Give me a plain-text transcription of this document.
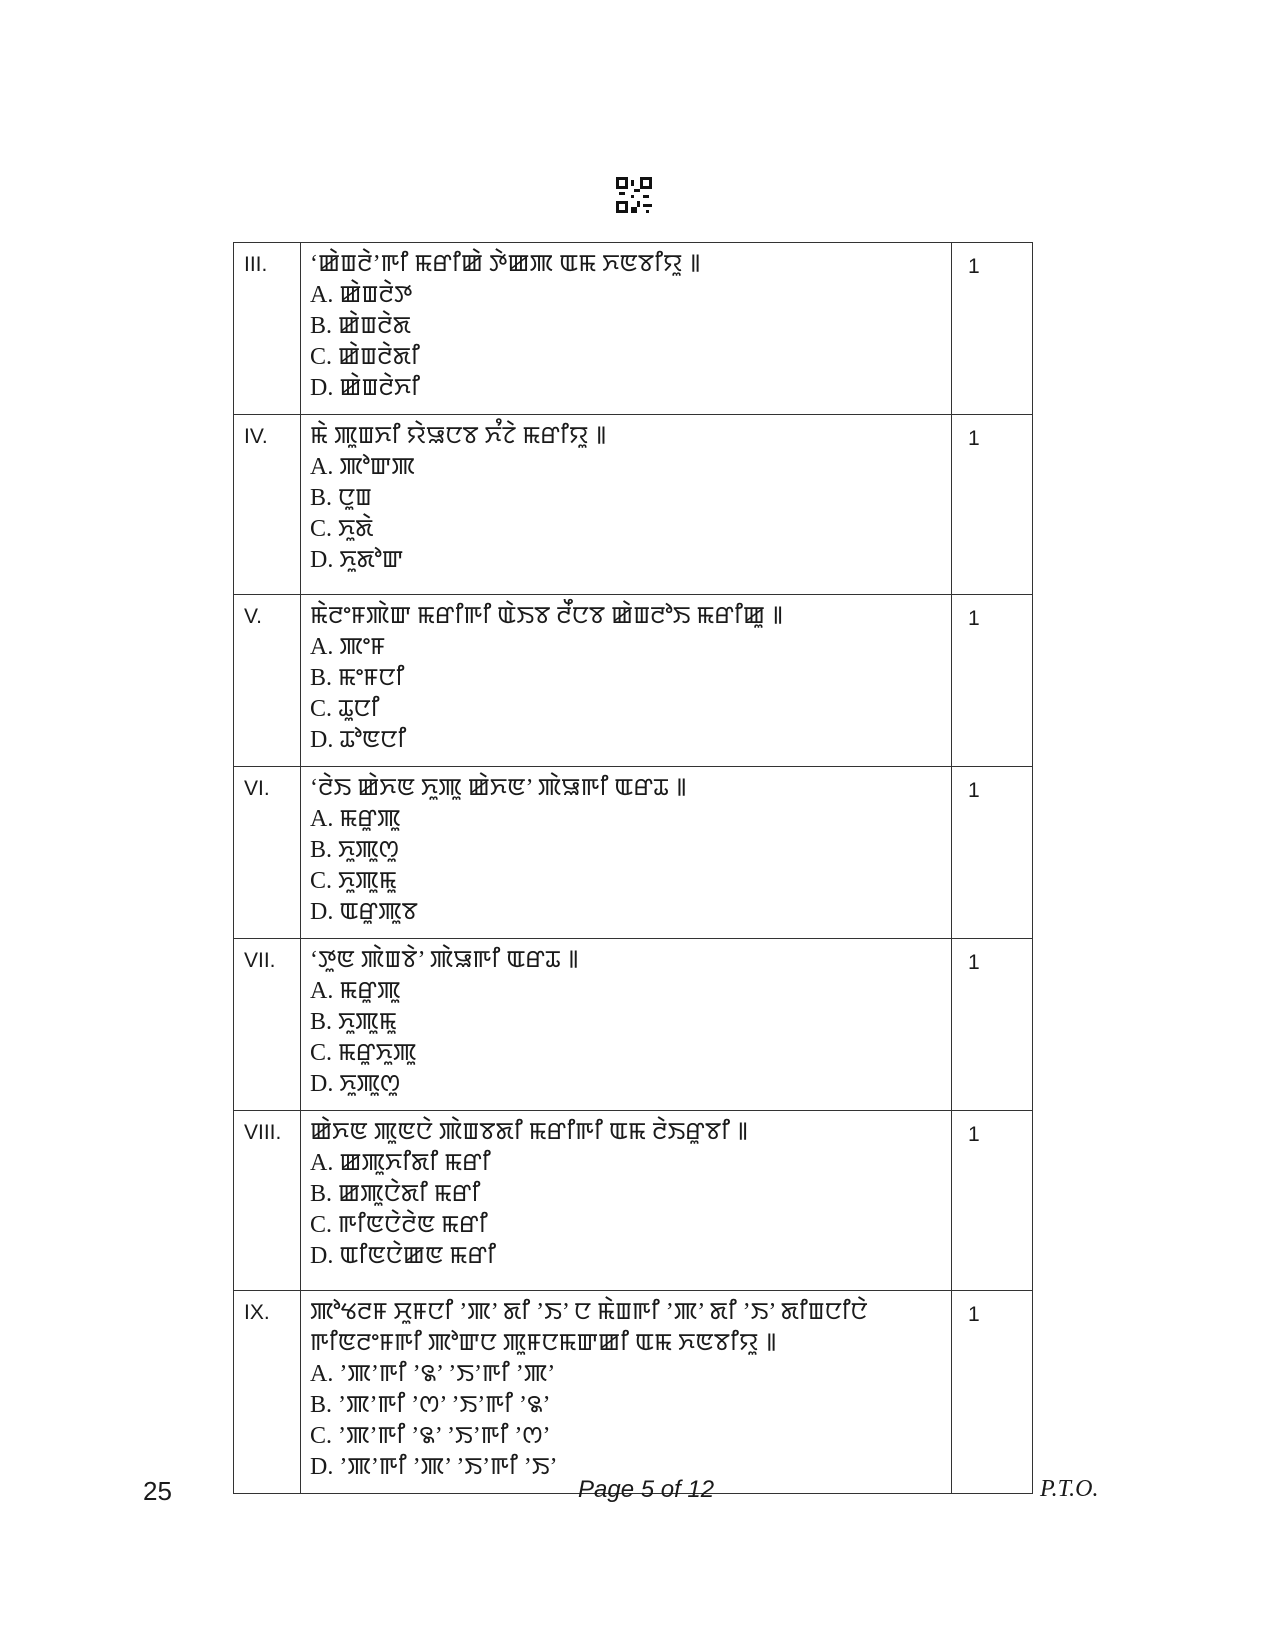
III.	‘ꯀꯥꯡꯂꯥ’ꯒꯤ ꯃꯔꯤꯀꯥ ꯇꯥꯀꯄ ꯑꯃ ꯈꯟꯕꯤꯌꯨ ꯫
A. ꯀꯥꯡꯂꯥꯇ
B. ꯀꯥꯡꯂꯥꯗ
C. ꯀꯥꯡꯂꯥꯗꯤ
D. ꯀꯥꯡꯂꯥꯈꯤ	1
IV.	ꯃꯥ ꯄꯨꯡꯈꯤ ꯌꯥꯎꯅꯕ ꯈꯪꯖꯥ ꯃꯔꯤꯌꯨ ꯫
A. ꯄꯣꯛꯄ
B. ꯅꯨꯡ
C. ꯈꯨꯗꯥ
D. ꯈꯨꯗꯣꯛ	1
V.	ꯃꯥꯂꯦꯝꯄꯥꯛ ꯃꯔꯤꯒꯤ ꯑꯥꯏꯕ ꯂꯩꯅꯕ ꯀꯥꯡꯂꯣꯏ ꯃꯔꯤꯀꯨ ꯫
A. ꯄꯦꯝ
B. ꯃꯦꯝꯅꯤ
C. ꯊꯨꯅꯤ
D. ꯊꯣꯟꯅꯤ	1
VI.	‘ꯂꯥꯏ ꯀꯥꯈꯟ ꯈꯨꯄꯨ ꯀꯥꯈꯟ’ ꯄꯥꯎꯒꯤ ꯑꯔꯊ ꯫
A. ꯃꯔꯨꯄꯨ
B. ꯈꯨꯄꯨꯁꯨ
C. ꯈꯨꯄꯨꯃꯨ
D. ꯑꯔꯨꯄꯨꯕ	1
VII.	‘ꯇꯨꯟ ꯄꯥꯡꯕꯥ’ ꯄꯥꯎꯒꯤ ꯑꯔꯊ ꯫
A. ꯃꯔꯨꯄꯨ
B. ꯈꯨꯄꯨꯃꯨ
C. ꯃꯔꯨꯈꯨꯄꯨ
D. ꯈꯨꯄꯨꯁꯨ	1
VIII.	ꯀꯥꯈꯟ ꯄꯨꯟꯅꯥ ꯄꯥꯡꯕꯗꯤ ꯃꯔꯤꯒꯤ ꯑꯃ ꯂꯥꯏꯔꯨꯕꯤ ꯫
A. ꯀꯄꯨꯈꯤꯗꯤ ꯃꯔꯤ
B. ꯀꯄꯨꯅꯥꯗꯤ ꯃꯔꯤ
C. ꯒꯤꯟꯅꯥꯂꯥꯟ ꯃꯔꯤ
D. ꯑꯤꯟꯅꯥꯀꯟ ꯃꯔꯤ	1
IX.	ꯄꯣꯠꯂꯝ ꯆꯨꯝꯅꯤ ’ꯄ’ ꯗꯤ ’ꯏ’ ꯅ ꯃꯥꯡꯒꯤ ’ꯄ’ ꯗꯤ ’ꯏ’ ꯗꯤꯡꯅꯤꯅꯥ ꯒꯤꯟꯂꯦꯝꯒꯤ ꯄꯣꯛꯅ ꯄꯨꯝꯅꯃꯛꯀꯤ ꯑꯃ ꯈꯟꯕꯤꯌꯨ ꯫
A. ’ꯄ’ꯒꯤ ’꯲’ ’ꯏ’ꯒꯤ ’ꯄ’
B. ’ꯄ’ꯒꯤ ’ꯁ’ ’ꯏ’ꯒꯤ ’꯲’
C. ’ꯄ’ꯒꯤ ’꯲’ ’ꯏ’ꯒꯤ ’ꯁ’
D. ’ꯄ’ꯒꯤ ’ꯄ’ ’ꯏ’ꯒꯤ ’ꯏ’	1
25	Page 5 of 12	P.T.O.
